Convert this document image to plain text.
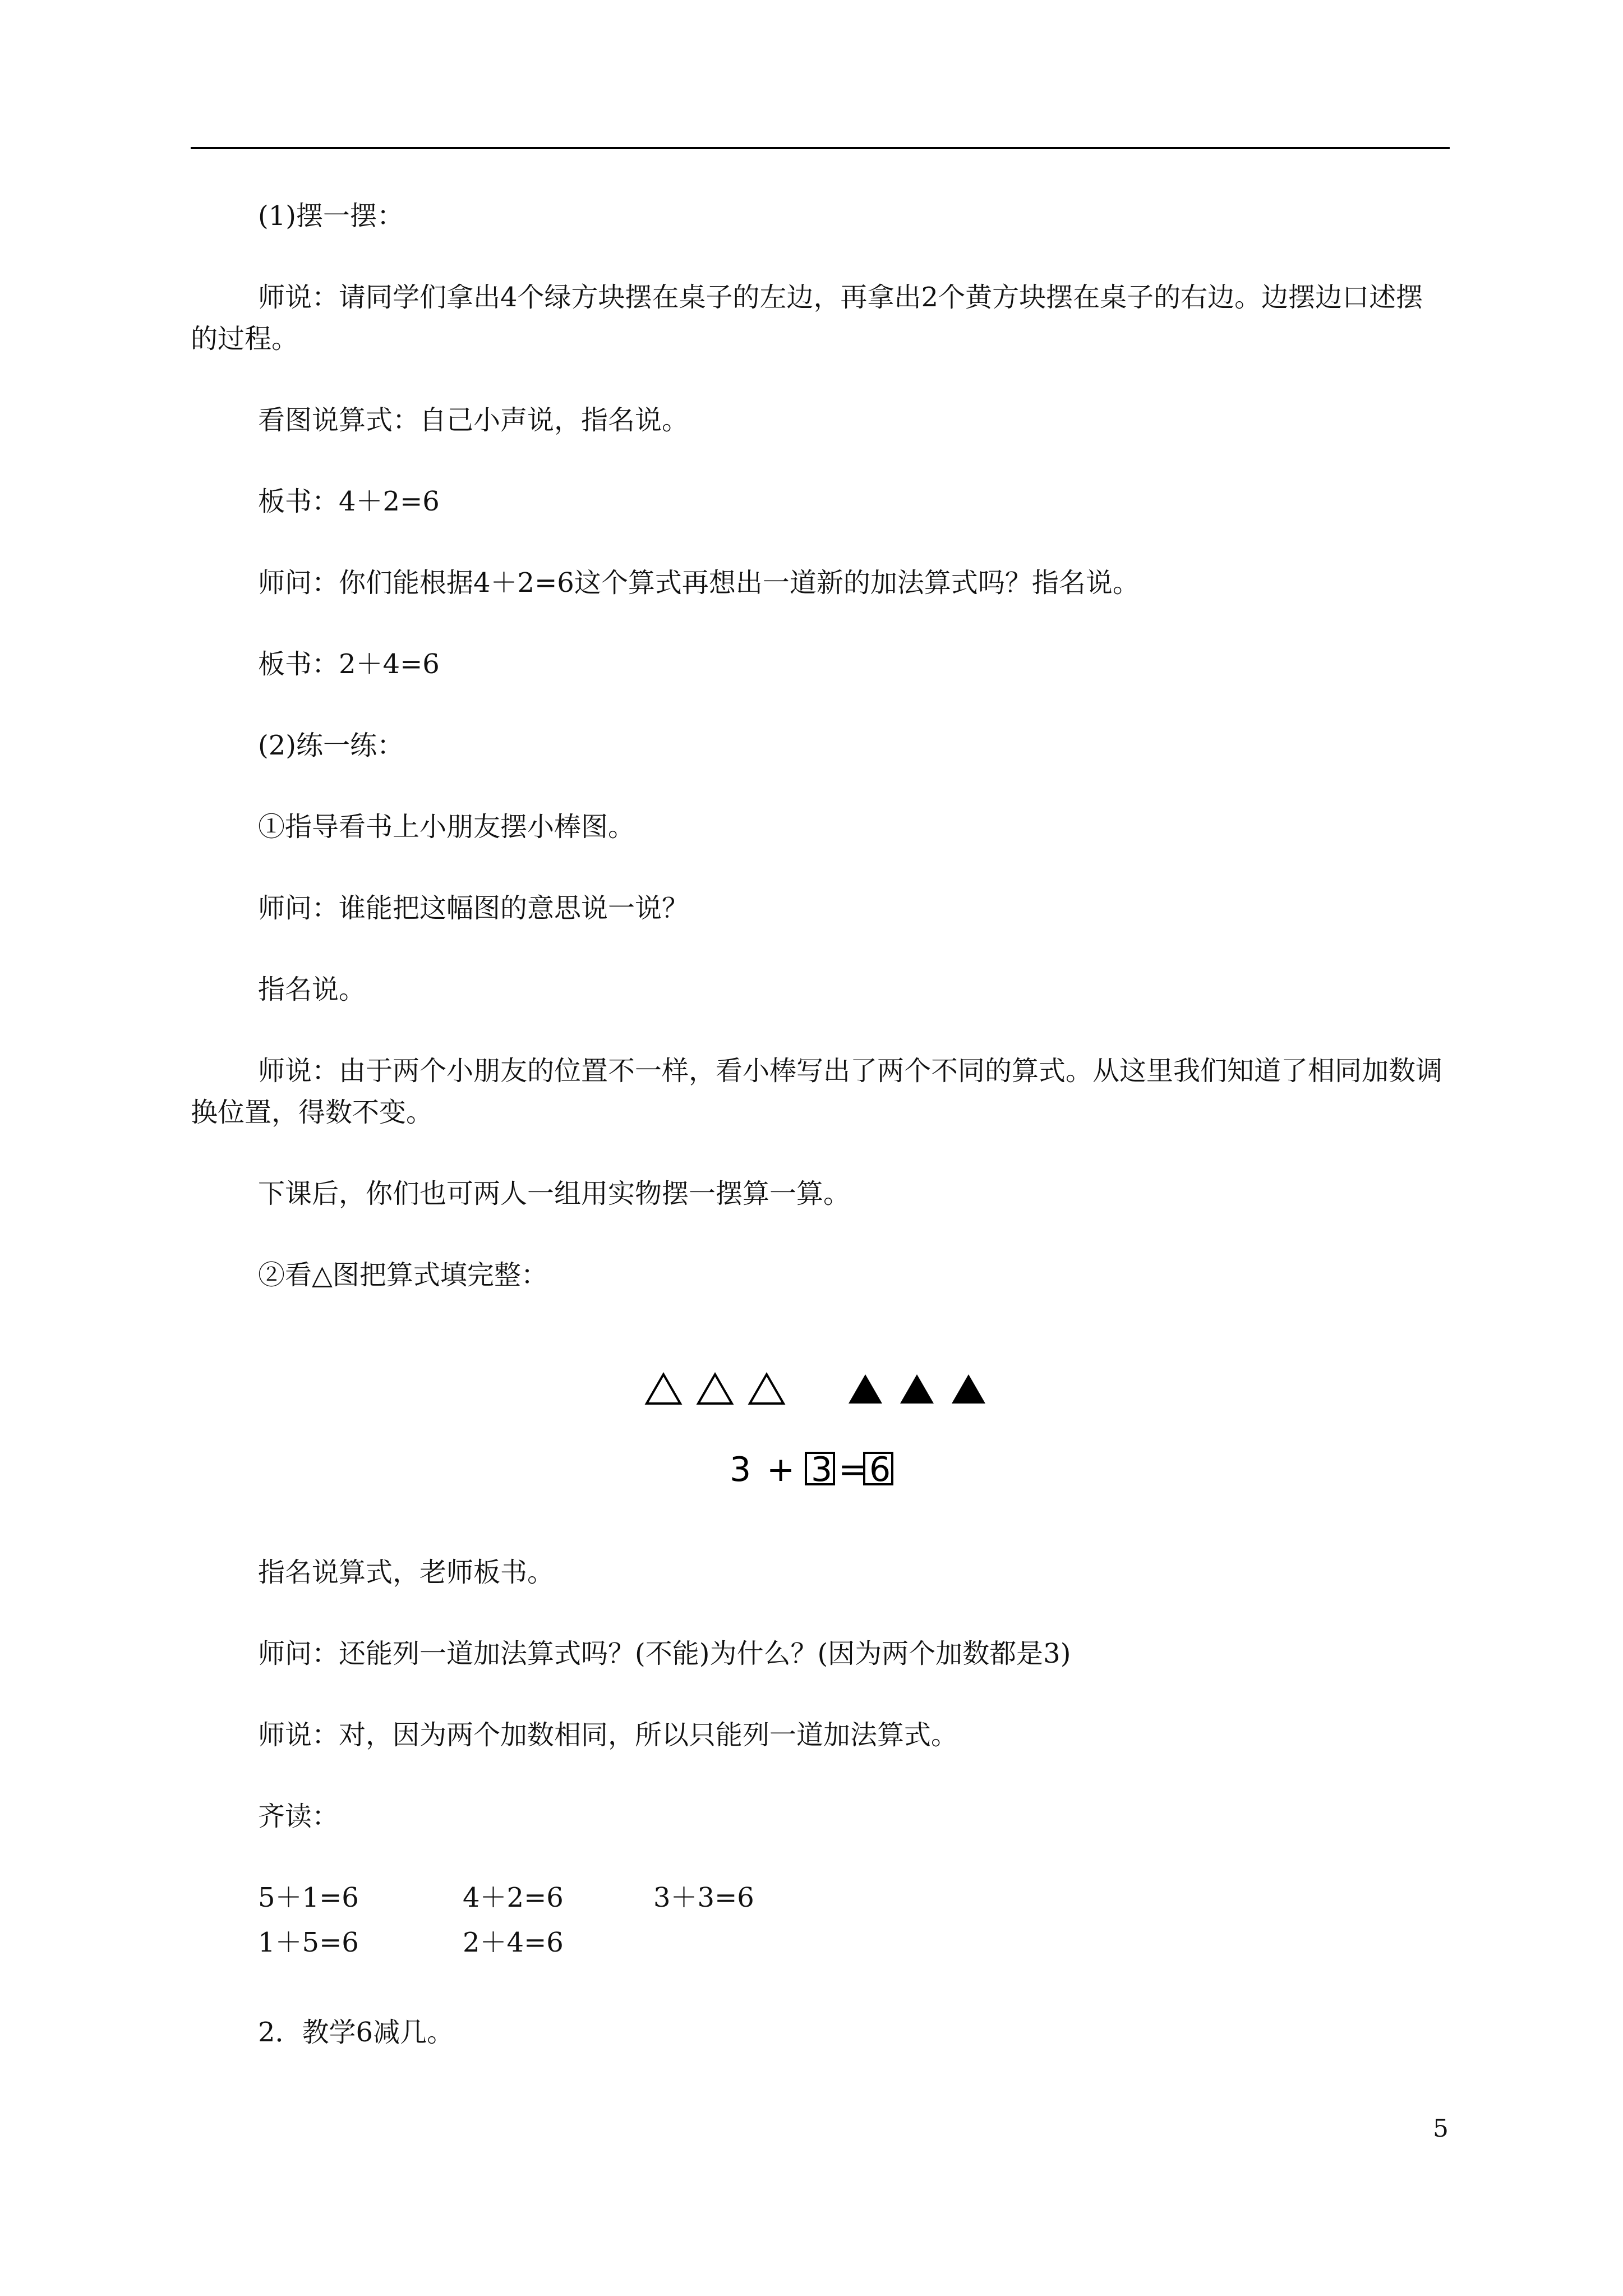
(1)摆一摆：

师说：请同学们拿出4个绿方块摆在桌子的左边，再拿出2个黄方块摆在桌子的右边。边摆边口述摆的过程。

看图说算式：自己小声说，指名说。

板书：4＋2=6

师问：你们能根据4＋2=6这个算式再想出一道新的加法算式吗？指名说。

板书：2＋4=6

(2)练一练：

①指导看书上小朋友摆小棒图。

师问：谁能把这幅图的意思说一说？

指名说。

师说：由于两个小朋友的位置不一样，看小棒写出了两个不同的算式。从这里我们知道了相同加数调换位置，得数不变。

下课后，你们也可两人一组用实物摆一摆算一算。

②看△图把算式填完整：

3 + 3 = 6

指名说算式，老师板书。

师问：还能列一道加法算式吗？(不能)为什么？(因为两个加数都是3)

师说：对，因为两个加数相同，所以只能列一道加法算式。

齐读：

5＋1=6	4＋2=6	3＋3=6
1＋5=6	2＋4=6

2．教学6减几。

5
